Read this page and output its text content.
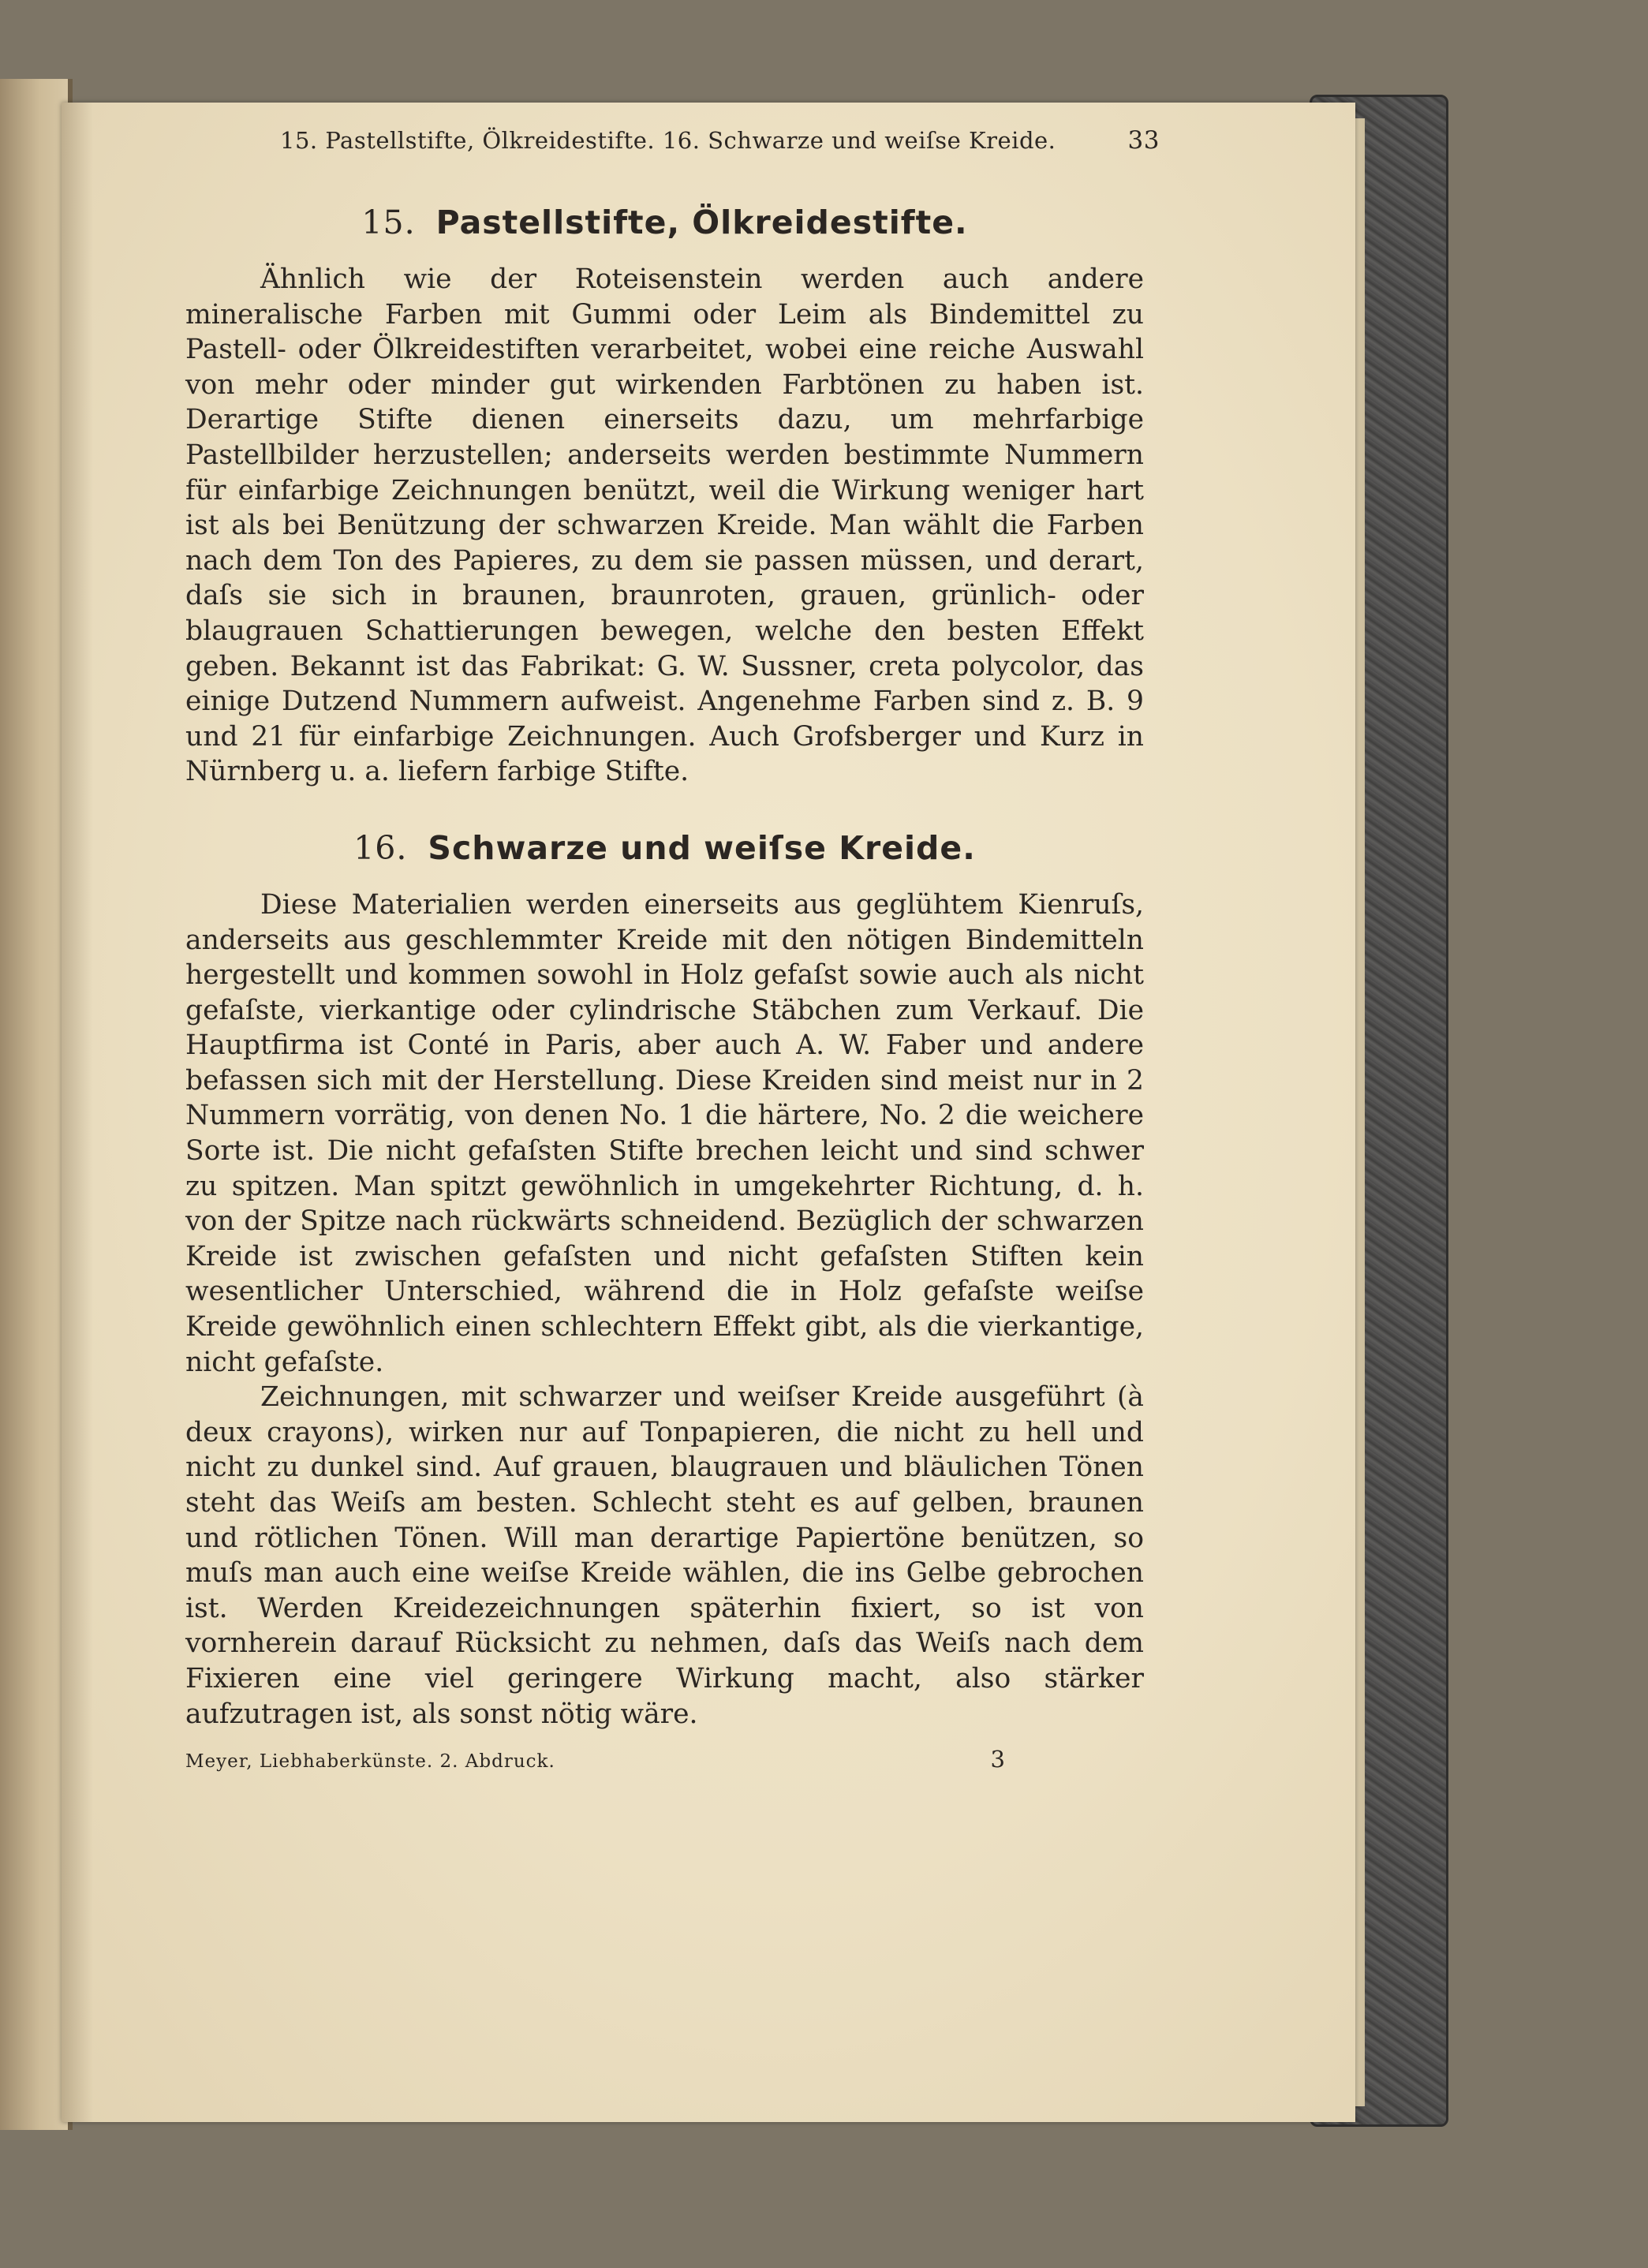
15. Pastellstifte, Ölkreidestifte. 16. Schwarze und weiſse Kreide.	33
15. Pastellstifte, Ölkreidestifte.

Ähnlich wie der Roteisenstein werden auch andere mineralische Farben mit Gummi oder Leim als Bindemittel zu Pastell- oder Ölkreidestiften verarbeitet, wobei eine reiche Auswahl von mehr oder minder gut wirkenden Farbtönen zu haben ist. Derartige Stifte dienen einerseits dazu, um mehrfarbige Pastellbilder herzustellen; anderseits werden bestimmte Nummern für einfarbige Zeichnungen benützt, weil die Wirkung weniger hart ist als bei Benützung der schwarzen Kreide. Man wählt die Farben nach dem Ton des Papieres, zu dem sie passen müssen, und derart, daſs sie sich in braunen, braunroten, grauen, grünlich- oder blaugrauen Schattierungen bewegen, welche den besten Effekt geben. Bekannt ist das Fabrikat: G. W. Sussner, creta polycolor, das einige Dutzend Nummern aufweist. Angenehme Farben sind z. B. 9 und 21 für einfarbige Zeichnungen. Auch Grofsberger und Kurz in Nürnberg u. a. liefern farbige Stifte.

16. Schwarze und weiſse Kreide.

Diese Materialien werden einerseits aus geglühtem Kienruſs, anderseits aus geschlemmter Kreide mit den nötigen Bindemitteln hergestellt und kommen sowohl in Holz gefaſst sowie auch als nicht gefaſste, vierkantige oder cylindrische Stäbchen zum Verkauf. Die Hauptfirma ist Conté in Paris, aber auch A. W. Faber und andere befassen sich mit der Herstellung. Diese Kreiden sind meist nur in 2 Nummern vorrätig, von denen No. 1 die härtere, No. 2 die weichere Sorte ist. Die nicht gefaſsten Stifte brechen leicht und sind schwer zu spitzen. Man spitzt gewöhnlich in umgekehrter Richtung, d. h. von der Spitze nach rückwärts schneidend. Bezüglich der schwarzen Kreide ist zwischen gefaſsten und nicht gefaſsten Stiften kein wesentlicher Unterschied, während die in Holz gefaſste weiſse Kreide gewöhnlich einen schlechtern Effekt gibt, als die vierkantige, nicht gefaſste.

Zeichnungen, mit schwarzer und weiſser Kreide ausgeführt (à deux crayons), wirken nur auf Tonpapieren, die nicht zu hell und nicht zu dunkel sind. Auf grauen, blaugrauen und bläulichen Tönen steht das Weiſs am besten. Schlecht steht es auf gelben, braunen und rötlichen Tönen. Will man derartige Papiertöne benützen, so muſs man auch eine weiſse Kreide wählen, die ins Gelbe gebrochen ist. Werden Kreidezeichnungen späterhin fixiert, so ist von vornherein darauf Rücksicht zu nehmen, daſs das Weiſs nach dem Fixieren eine viel geringere Wirkung macht, also stärker aufzutragen ist, als sonst nötig wäre.

Meyer, Liebhaberkünste. 2. Abdruck.	3
